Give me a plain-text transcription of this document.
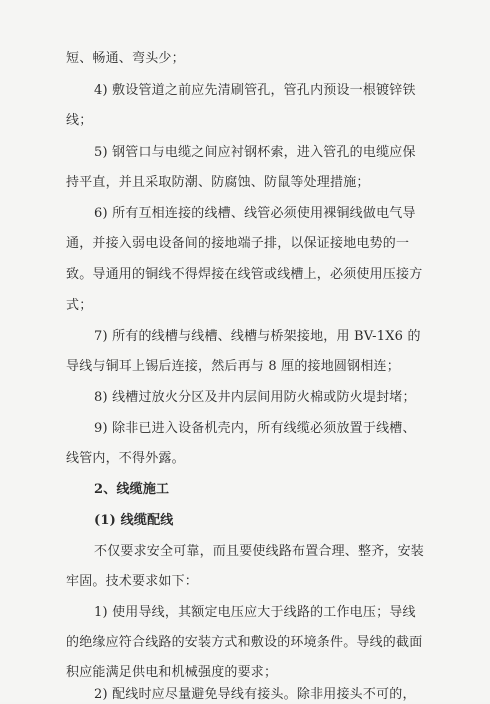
短、畅通、弯头少；
4) 敷设管道之前应先清刷管孔，管孔内预设一根镀锌铁
线；
5) 钢管口与电缆之间应衬钢杯索，进入管孔的电缆应保
持平直，并且采取防潮、防腐蚀、防鼠等处理措施；
6) 所有互相连接的线槽、线管必须使用裸铜线做电气导
通，并接入弱电设备间的接地端子排，以保证接地电势的一
致。导通用的铜线不得焊接在线管或线槽上，必须使用压接方
式；
7) 所有的线槽与线槽、线槽与桥架接地，用 BV-1X6 的
导线与铜耳上锡后连接，然后再与 8 厘的接地圆钢相连；
8) 线槽过放火分区及井内层间用防火棉或防火堤封堵；
9) 除非已进入设备机壳内，所有线缆必须放置于线槽、
线管内，不得外露。
2、线缆施工
(1) 线缆配线
不仅要求安全可靠，而且要使线路布置合理、整齐，安装
牢固。技术要求如下：
1) 使用导线，其额定电压应大于线路的工作电压；导线
的绝缘应符合线路的安装方式和敷设的环境条件。导线的截面
积应能满足供电和机械强度的要求；
2) 配线时应尽量避免导线有接头。除非用接头不可的，
